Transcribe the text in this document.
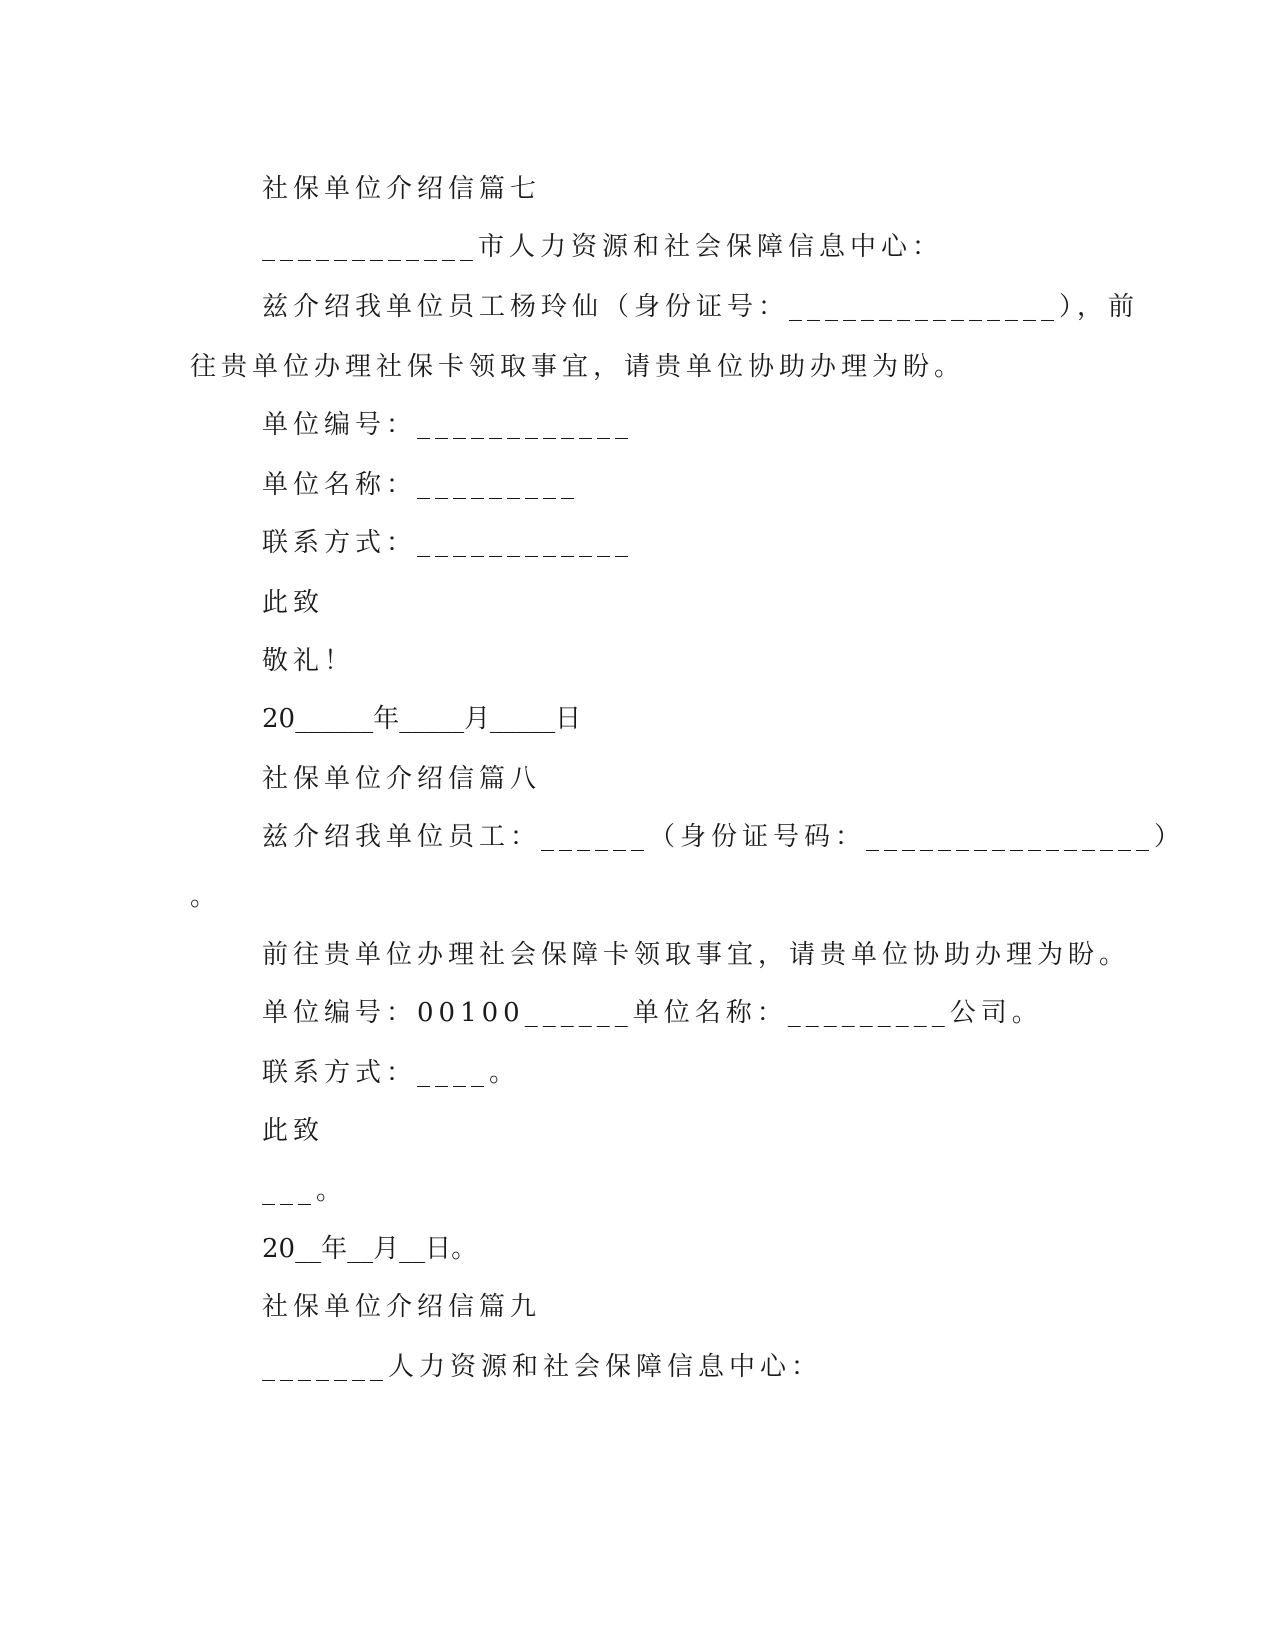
社保单位介绍信篇七
____________市人力资源和社会保障信息中心：
兹介绍我单位员工杨玲仙（身份证号：_______________），前
往贵单位办理社保卡领取事宜，请贵单位协助办理为盼。
单位编号：____________
单位名称：_________
联系方式：____________
此致
敬礼！
20______年_____月_____日
社保单位介绍信篇八
兹介绍我单位员工：______（身份证号码：________________）
。
前往贵单位办理社会保障卡领取事宜，请贵单位协助办理为盼。
单位编号：00100______单位名称：_________公司。
联系方式：____。
此致
___。
20__年__月__日。
社保单位介绍信篇九
_______人力资源和社会保障信息中心：
